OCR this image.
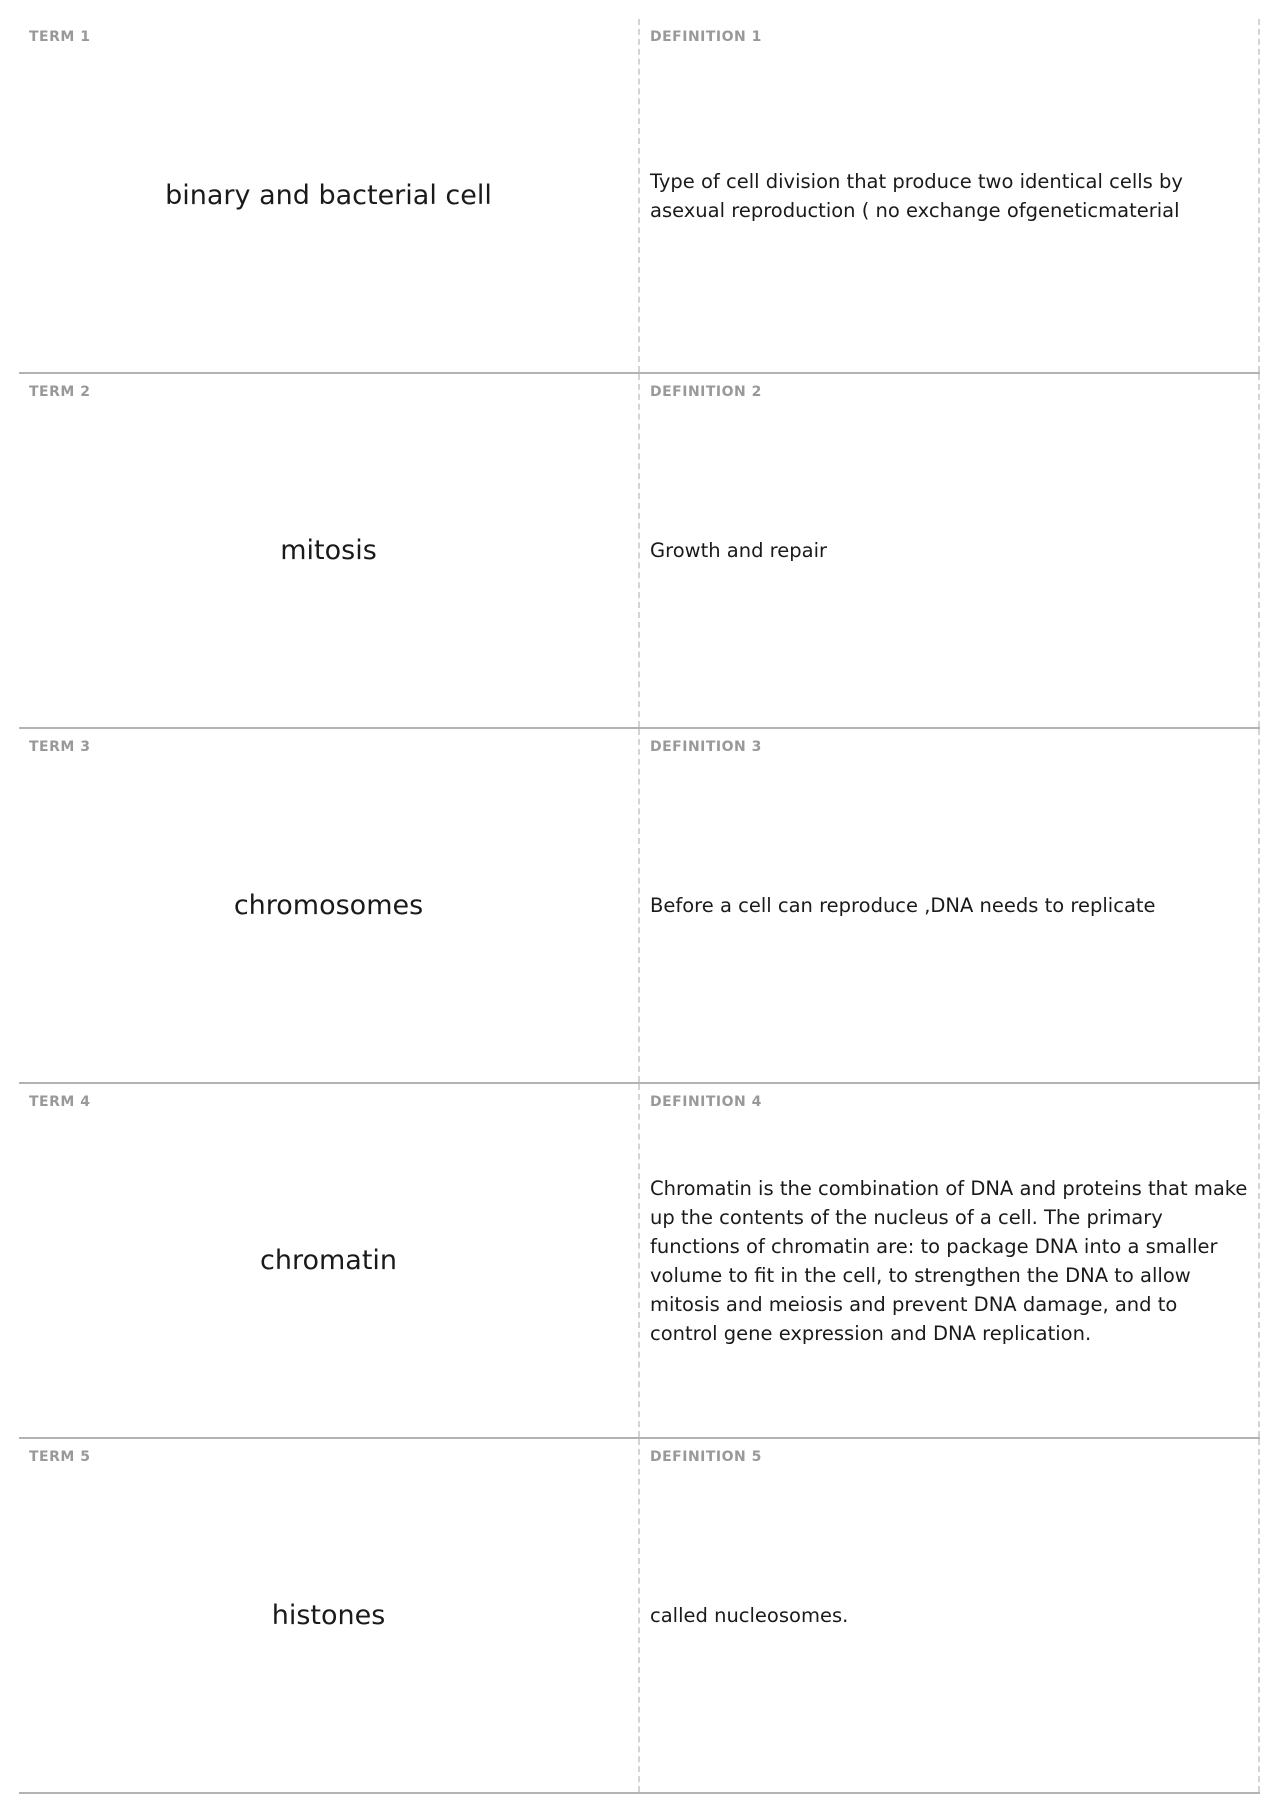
TERM 1
binary and bacterial cell
DEFINITION 1
Type of cell division that produce two identical cells by asexual reproduction ( no exchange ofgeneticmaterial
TERM 2
mitosis
DEFINITION 2
Growth and repair
TERM 3
chromosomes
DEFINITION 3
Before a cell can reproduce ,DNA needs to replicate
TERM 4
chromatin
DEFINITION 4
Chromatin is the combination of DNA and proteins that make up the contents of the nucleus of a cell. The primary functions of chromatin are: to package DNA into a smaller volume to fit in the cell, to strengthen the DNA to allow mitosis and meiosis and prevent DNA damage, and to control gene expression and DNA replication.
TERM 5
histones
DEFINITION 5
called nucleosomes.
